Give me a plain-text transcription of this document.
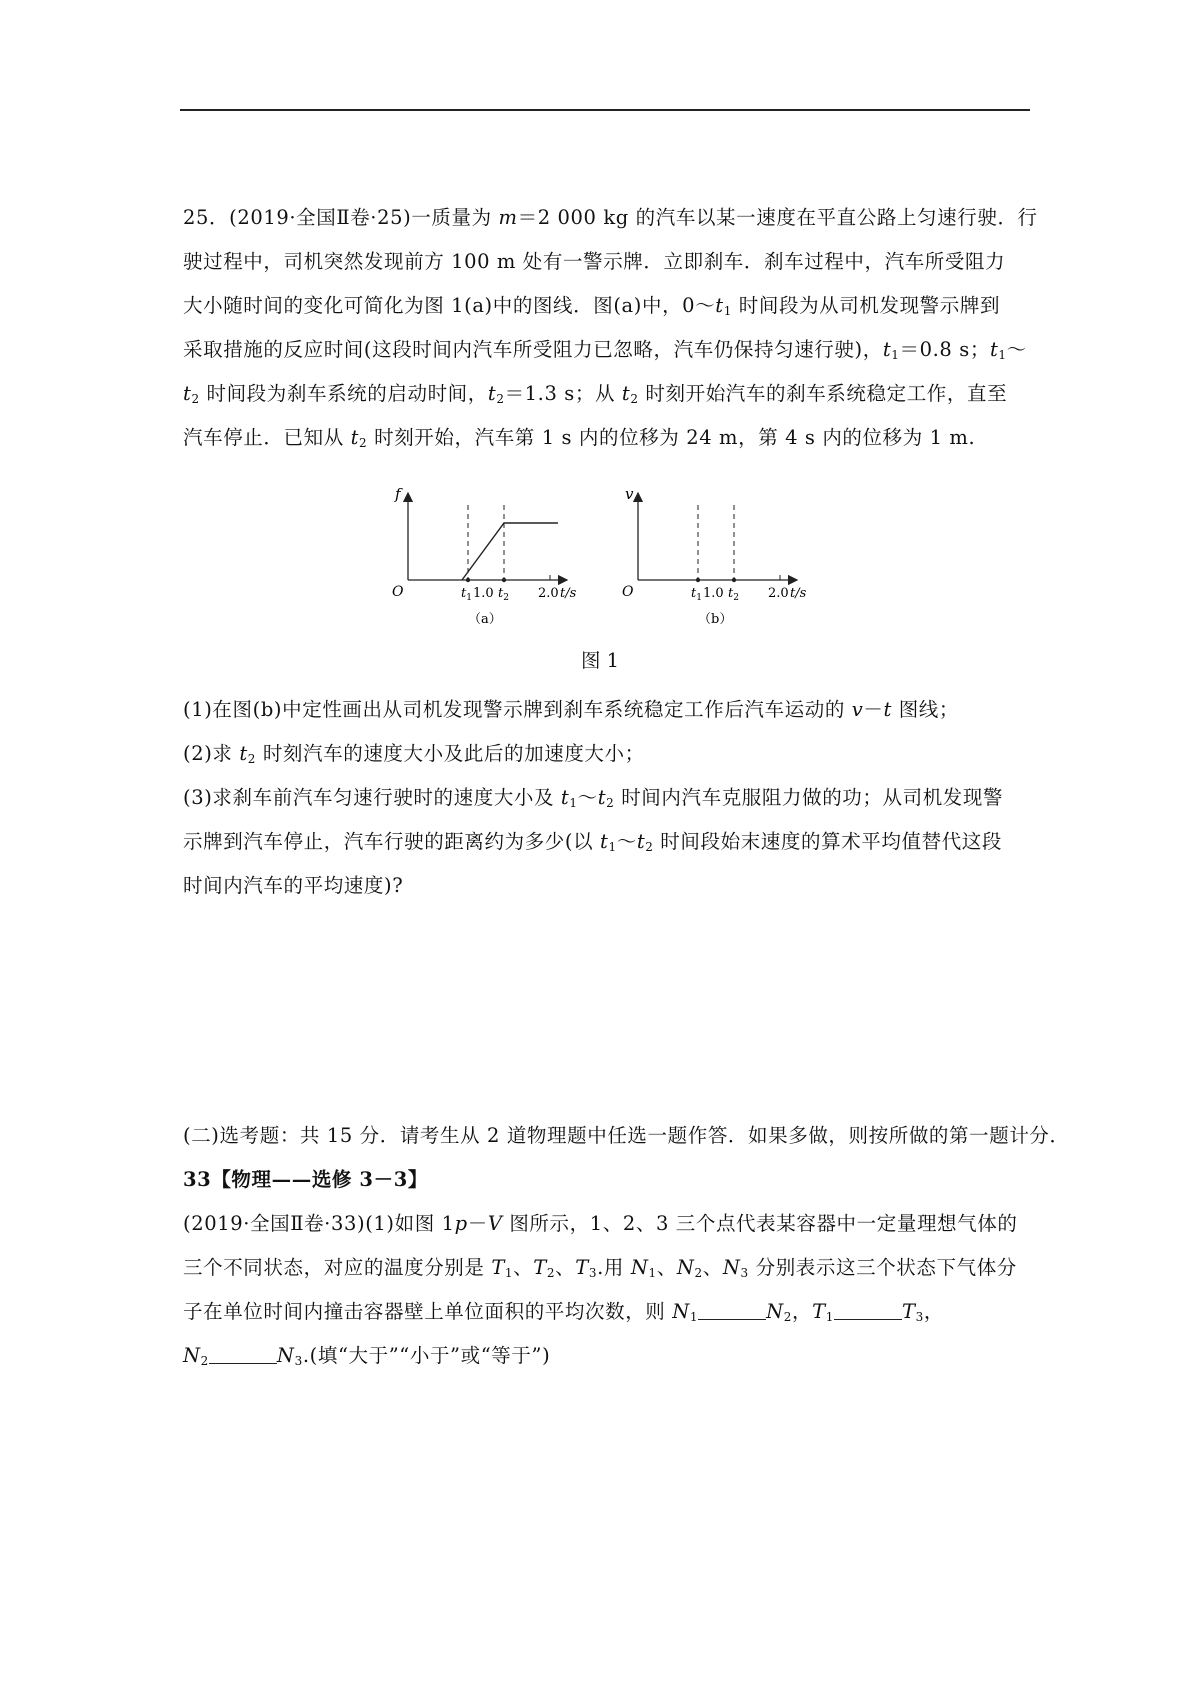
25．(2019·全国Ⅱ卷·25)一质量为 m＝2 000 kg 的汽车以某一速度在平直公路上匀速行驶．行
驶过程中，司机突然发现前方 100 m 处有一警示牌．立即刹车．刹车过程中，汽车所受阻力
大小随时间的变化可简化为图 1(a)中的图线．图(a)中，$0\sim t_1$ 时间段为从司机发现警示牌到
采取措施的反应时间(这段时间内汽车所受阻力已忽略，汽车仍保持匀速行驶)，$t_1=0.8$ s；$t_1\sim$
$t_2$ 时间段为刹车系统的启动时间，$t_2=1.3$ s；从 $t_2$ 时刻开始汽车的刹车系统稳定工作，直至
汽车停止．已知从 $t_2$ 时刻开始，汽车第 1 s 内的位移为 24 m，第 4 s 内的位移为 1 m.
f
O	$t_1$ 1.0 $t_2$ 2.0 t/s
（a）
v
O	$t_1$ 1.0 $t_2$ 2.0 t/s
（b）
图 1
(1)在图(b)中定性画出从司机发现警示牌到刹车系统稳定工作后汽车运动的 v－t 图线；
(2)求 $t_2$ 时刻汽车的速度大小及此后的加速度大小；
(3)求刹车前汽车匀速行驶时的速度大小及 $t_1\sim t_2$ 时间内汽车克服阻力做的功；从司机发现警
示牌到汽车停止，汽车行驶的距离约为多少(以 $t_1\sim t_2$ 时间段始末速度的算术平均值替代这段
时间内汽车的平均速度)?
(二)选考题：共 15 分．请考生从 2 道物理题中任选一题作答．如果多做，则按所做的第一题计分．
33【物理——选修 3－3】
(2019·全国Ⅱ卷·33)(1)如图 1p－V 图所示，1、2、3 三个点代表某容器中一定量理想气体的
三个不同状态，对应的温度分别是 $T_1$、$T_2$、$T_3$.用 $N_1$、$N_2$、$N_3$ 分别表示这三个状态下气体分
子在单位时间内撞击容器壁上单位面积的平均次数，则 $N_1$	$N_2$，$T_1$	$T_3$，
$N_2$	$N_3$.(填“大于”“小于”或“等于”)
